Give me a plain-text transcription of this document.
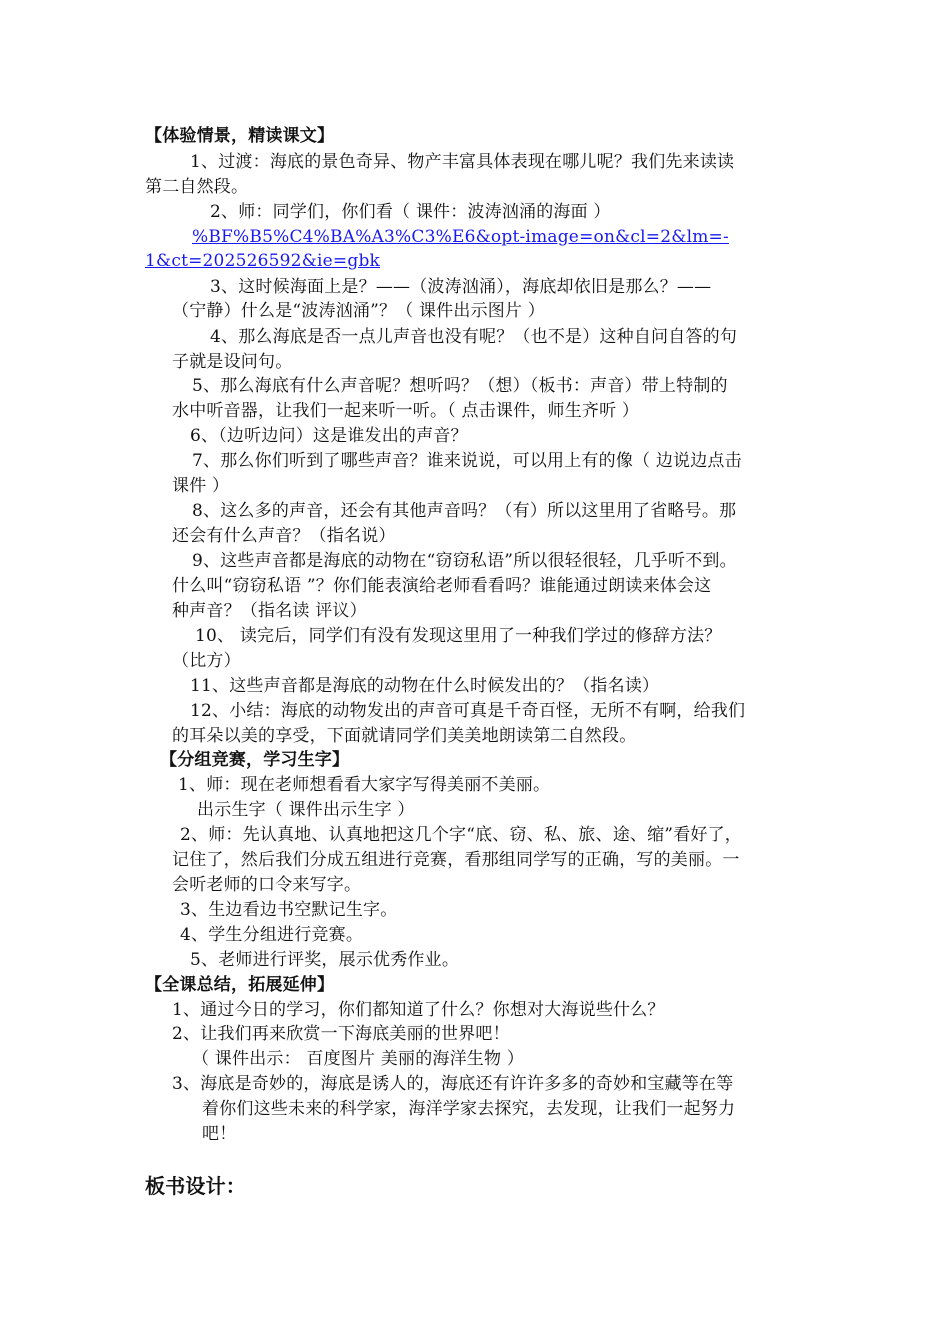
【体验情景，精读课文】
1、过渡：海底的景色奇异、物产丰富具体表现在哪儿呢？我们先来读读
第二自然段。
2、师：同学们，你们看（ 课件：波涛汹涌的海面 ）
%BF%B5%C4%BA%A3%C3%E6&opt-image=on&cl=2&lm=-
1&ct=202526592&ie=gbk
3、这时候海面上是？——（波涛汹涌），海底却依旧是那么？——
（宁静）什么是“波涛汹涌”？（ 课件出示图片 ）
4、那么海底是否一点儿声音也没有呢？（也不是）这种自问自答的句
子就是设问句。
5、那么海底有什么声音呢？想听吗？（想）（板书：声音）带上特制的
水中听音器，让我们一起来听一听。（ 点击课件，师生齐听 ）
6、（边听边问）这是谁发出的声音？
7、那么你们听到了哪些声音？谁来说说，可以用上有的像（ 边说边点击
课件 ）
8、这么多的声音，还会有其他声音吗？（有）所以这里用了省略号。那
还会有什么声音？（指名说）
9、这些声音都是海底的动物在“窃窃私语”所以很轻很轻，几乎听不到。
什么叫“窃窃私语 ”？你们能表演给老师看看吗？谁能通过朗读来体会这
种声音？（指名读 评议）
10、 读完后，同学们有没有发现这里用了一种我们学过的修辞方法？
（比方）
11、这些声音都是海底的动物在什么时候发出的？（指名读）
12、小结：海底的动物发出的声音可真是千奇百怪，无所不有啊，给我们
的耳朵以美的享受，下面就请同学们美美地朗读第二自然段。
【分组竞赛，学习生字】
1、师：现在老师想看看大家字写得美丽不美丽。
出示生字（ 课件出示生字 ）
2、师：先认真地、认真地把这几个字“底、窃、私、旅、途、缩”看好了，
记住了，然后我们分成五组进行竞赛，看那组同学写的正确，写的美丽。一
会听老师的口令来写字。
3、生边看边书空默记生字。
4、学生分组进行竞赛。
5、老师进行评奖，展示优秀作业。
【全课总结，拓展延伸】
1、通过今日的学习，你们都知道了什么？你想对大海说些什么？
2、让我们再来欣赏一下海底美丽的世界吧！
（ 课件出示： 百度图片 美丽的海洋生物 ）
3、海底是奇妙的，海底是诱人的，海底还有许许多多的奇妙和宝藏等在等
着你们这些未来的科学家，海洋学家去探究，去发现，让我们一起努力
吧！
板书设计：
